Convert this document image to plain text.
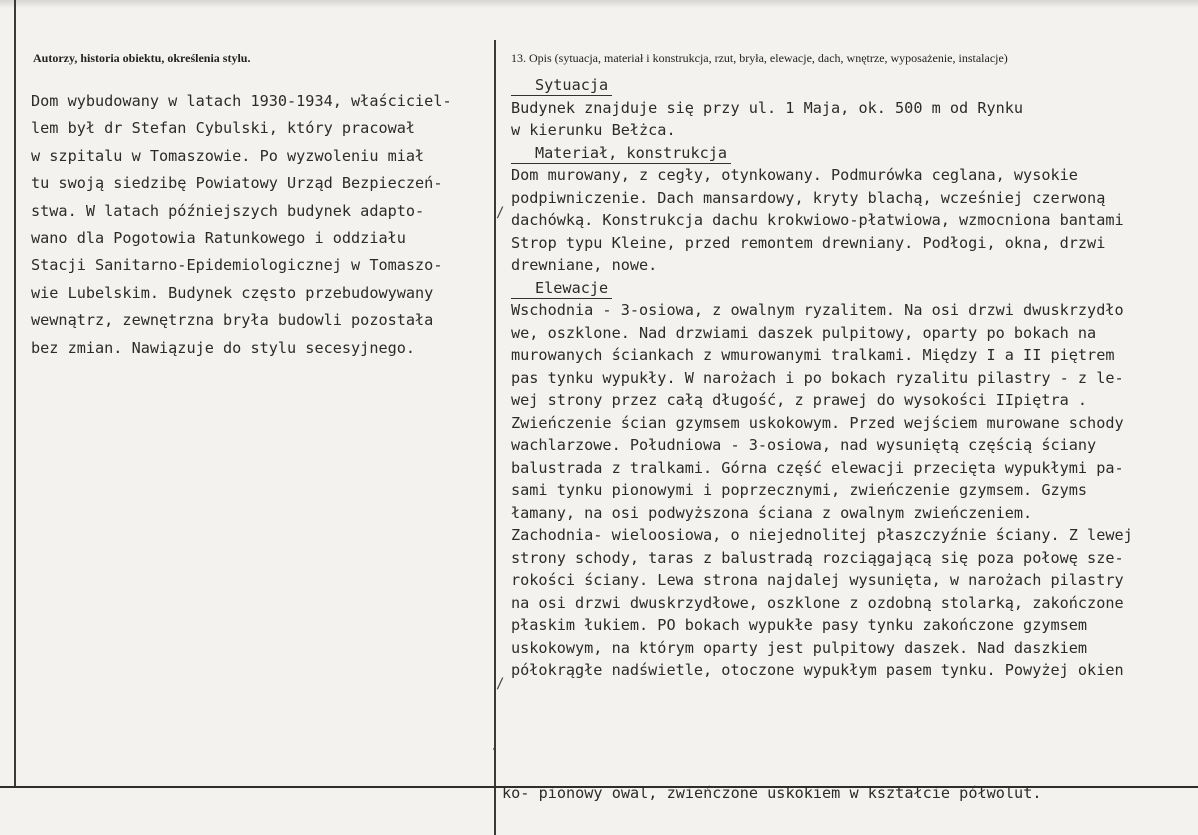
Autorzy, historia obiektu, określenia stylu.	13. Opis (sytuacja, materiał i konstrukcja, rzut, bryła, elewacje, dach, wnętrze, wyposażenie, instalacje)
Dom wybudowany w latach 1930-1934, właściciel-
lem był dr Stefan Cybulski, który pracował
w szpitalu w Tomaszowie. Po wyzwoleniu miał
tu swoją siedzibę Powiatowy Urząd Bezpieczeń-
stwa. W latach późniejszych budynek adapto-
wano dla Pogotowia Ratunkowego i oddziału
Stacji Sanitarno-Epidemiologicznej w Tomaszo-
wie Lubelskim. Budynek często przebudowywany
wewnątrz, zewnętrzna bryła budowli pozostała
bez zmian. Nawiązuje do stylu secesyjnego.
Sytuacja
Budynek znajduje się przy ul. 1 Maja, ok. 500 m od Rynku
w kierunku Bełżca.
Materiał, konstrukcja
Dom murowany, z cegły, otynkowany. Podmurówka ceglana, wysokie
podpiwniczenie. Dach mansardowy, kryty blachą, wcześniej czerwoną
dachówką. Konstrukcja dachu krokwiowo-płatwiowa, wzmocniona bantami
Strop typu Kleine, przed remontem drewniany. Podłogi, okna, drzwi
drewniane, nowe.
Elewacje
Wschodnia - 3-osiowa, z owalnym ryzalitem. Na osi drzwi dwuskrzydło
we, oszklone. Nad drzwiami daszek pulpitowy, oparty po bokach na
murowanych ściankach z wmurowanymi tralkami. Między I a II piętrem
pas tynku wypukły. W narożach i po bokach ryzalitu pilastry - z le-
wej strony przez całą długość, z prawej do wysokości IIpiętra .
Zwieńczenie ścian gzymsem uskokowym. Przed wejściem murowane schody
wachlarzowe. Południowa - 3-osiowa, nad wysuniętą częścią ściany
balustrada z tralkami. Górna część elewacji przecięta wypukłymi pa-
sami tynku pionowymi i poprzecznymi, zwieńczenie gzymsem. Gzyms
łamany, na osi podwyższona ściana z owalnym zwieńczeniem.
Zachodnia- wieloosiowa, o niejednolitej płaszczyźnie ściany. Z lewej
strony schody, taras z balustradą rozciągającą się poza połowę sze-
rokości ściany. Lewa strona najdalej wysunięta, w narożach pilastry
na osi drzwi dwuskrzydłowe, oszklone z ozdobną stolarką, zakończone
płaskim łukiem. PO bokach wypukłe pasy tynku zakończone gzymsem
uskokowym, na którym oparty jest pulpitowy daszek. Nad daszkiem
półokrągłe nadświetle, otoczone wypukłym pasem tynku. Powyżej okien
ko- pionowy owal, zwieńczone uskokiem w kształcie półwolut.
/
/
·
